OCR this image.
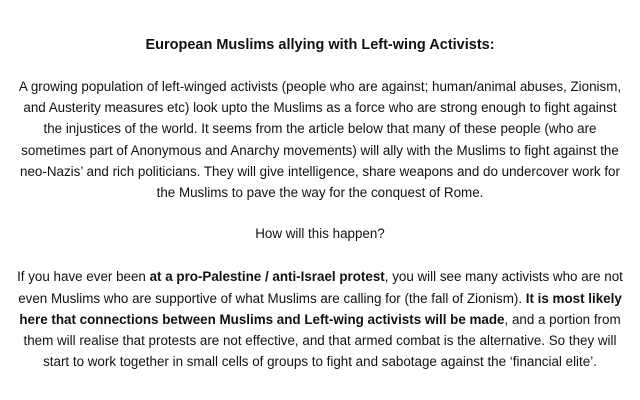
European Muslims allying with Left-wing Activists:

A growing population of left-winged activists (people who are against; human/animal abuses, Zionism, and Austerity measures etc) look upto the Muslims as a force who are strong enough to fight against the injustices of the world. It seems from the article below that many of these people (who are sometimes part of Anonymous and Anarchy movements) will ally with the Muslims to fight against the neo-Nazis’ and rich politicians. They will give intelligence, share weapons and do undercover work for the Muslims to pave the way for the conquest of Rome.

How will this happen?

If you have ever been at a pro-Palestine / anti-Israel protest, you will see many activists who are not even Muslims who are supportive of what Muslims are calling for (the fall of Zionism). It is most likely here that connections between Muslims and Left-wing activists will be made, and a portion from them will realise that protests are not effective, and that armed combat is the alternative. So they will start to work together in small cells of groups to fight and sabotage against the ‘financial elite’.
